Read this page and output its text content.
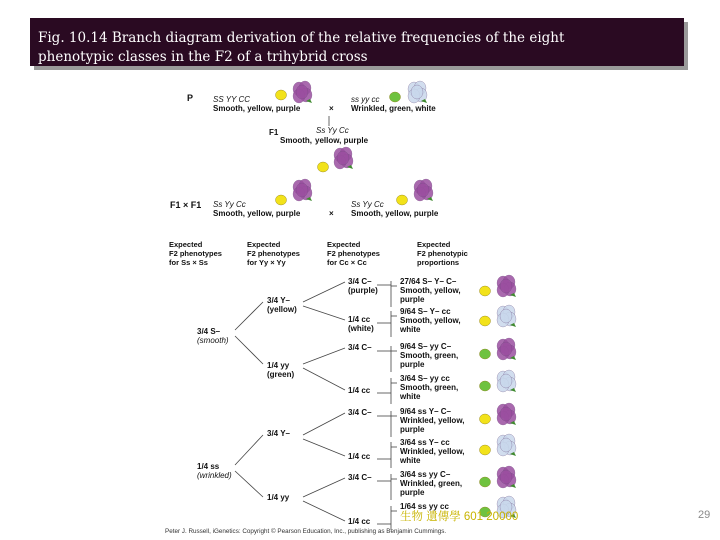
Fig. 10.14 Branch diagram derivation of the relative frequencies of the eight
phenotypic classes in the F2 of a trihybrid cross
P SS YY CC
Smooth, yellow, purple	×
ss yy cc
Wrinkled, green, white
F1	Ss Yy Cc
Smooth, yellow, purple
F1 × F1 Ss Yy Cc
Smooth, yellow, purple	×
Ss Yy Cc
Smooth, yellow, purple
Expected
F2 phenotypes
for Ss × Ss
Expected
F2 phenotypes
for Yy × Yy
Expected
F2 phenotypes
for Cc × Cc
Expected
F2 phenotypic
proportions
3/4 S–
(smooth)
1/4 ss
(wrinkled)
3/4 Y–
(yellow)
1/4 yy
(green)
3/4 Y–
1/4 yy
3/4 C–
(purple)
1/4 cc
(white)
3/4 C–
1/4 cc
3/4 C–
1/4 cc
3/4 C–
1/4 cc
27/64 S– Y– C–
Smooth, yellow,
purple
9/64 S– Y– cc
Smooth, yellow,
white
9/64 S– yy C–
Smooth, green,
purple
3/64 S– yy cc
Smooth, green,
white
9/64 ss Y– C–
Wrinkled, yellow,
purple
3/64 ss Y– cc
Wrinkled, yellow,
white
3/64 ss yy C–
Wrinkled, green,
purple
1/64 ss yy cc
生物 遺傳學 601 20000	29
Peter J. Russell, iGenetics: Copyright © Pearson Education, Inc., publishing as Benjamin Cummings.
